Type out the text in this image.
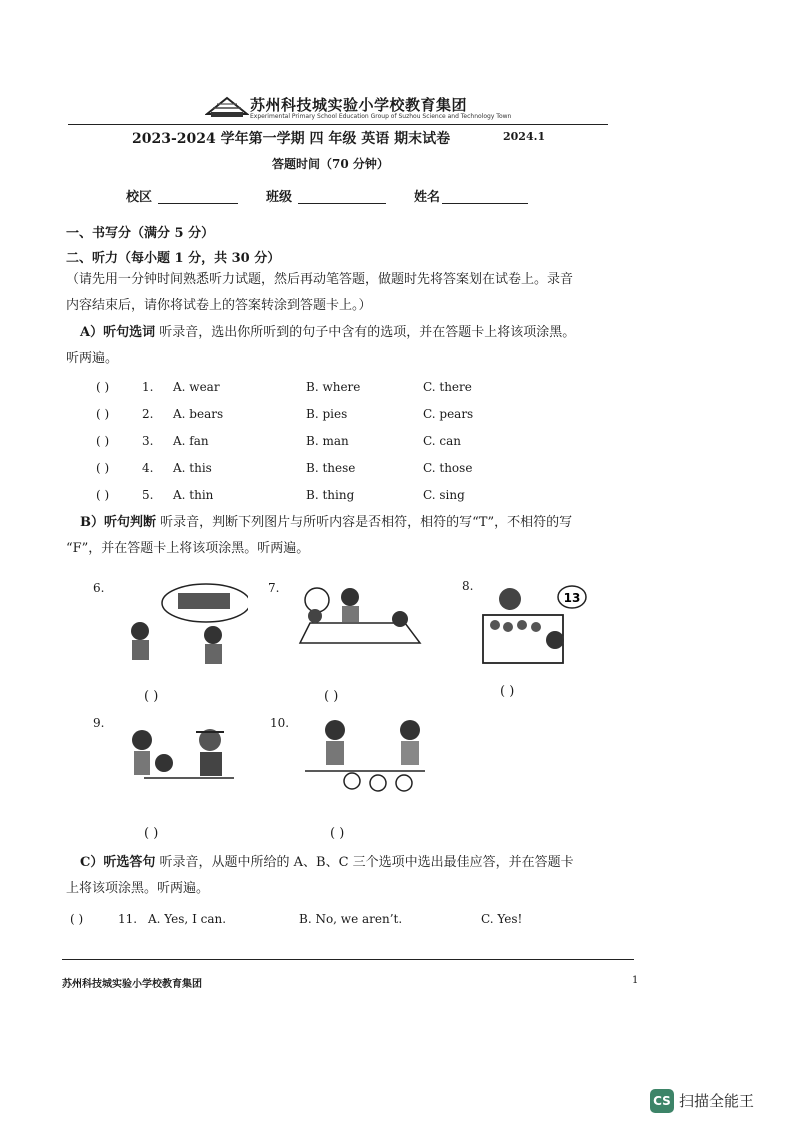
苏州科技城实验小学校教育集团
Experimental Primary School Education Group of Suzhou Science and Technology Town
2023-2024 学年第一学期 四 年级 英语 期末试卷	2024.1
答题时间（70 分钟）
校区	班级	姓名
一、书写分（满分 5 分）
二、听力（每小题 1 分，共 30 分）
（请先用一分钟时间熟悉听力试题，然后再动笔答题，做题时先将答案划在试卷上。录音
内容结束后，请你将试卷上的答案转涂到答题卡上。）
A）听句选词 听录音，选出你所听到的句子中含有的选项，并在答题卡上将该项涂黑。
听两遍。
( )	1. A. wear	B. where	C. there
( )	2. A. bears	B. pies	C. pears
( )	3. A. fan	B. man	C. can
( )	4. A. this	B. these	C. those
( )	5. A. thin	B. thing	C. sing
B）听句判断 听录音，判断下列图片与所听内容是否相符，相符的写“T”，不相符的写
“F”，并在答题卡上将该项涂黑。听两遍。
6.
( )
7.
( )
8.
13
( )
9.
( )
10.
( )
C）听选答句 听录音，从题中所给的 A、B、C 三个选项中选出最佳应答，并在答题卡
上将该项涂黑。听两遍。
( )	11. A. Yes, I can.	B. No, we aren’t.	C. Yes!
苏州科技城实验小学校教育集团	1
CS 扫描全能王
